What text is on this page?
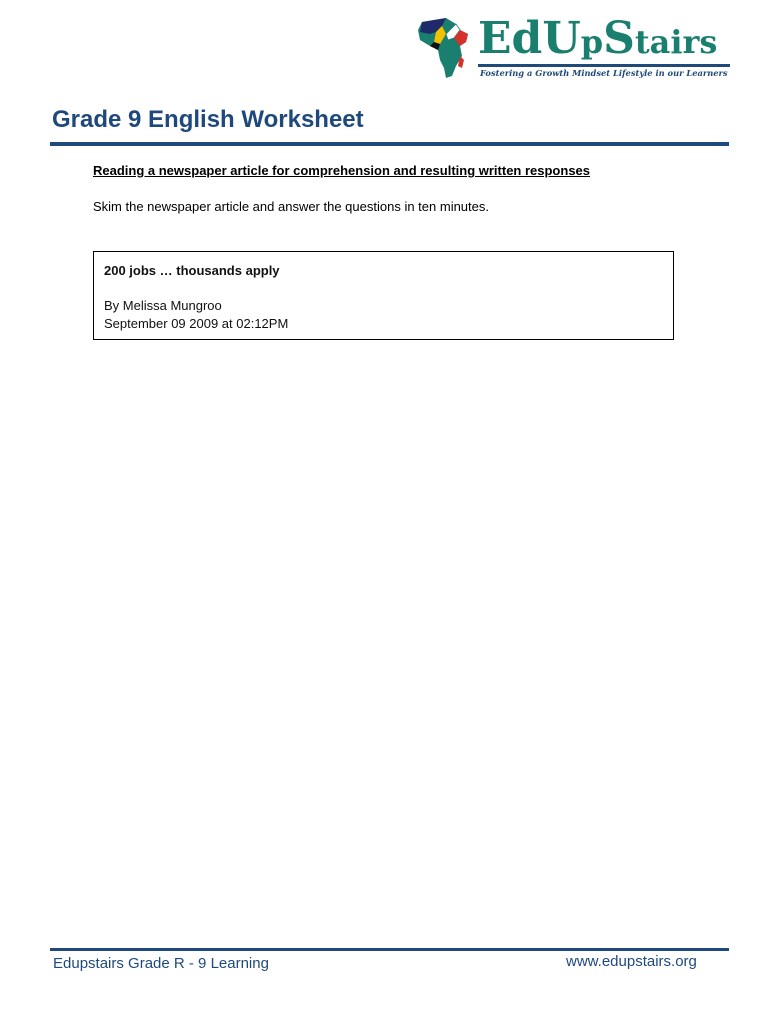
EdUpStairs
Fostering a Growth Mindset Lifestyle in our Learners
Grade 9 English Worksheet
Reading a newspaper article for comprehension and resulting written responses
Skim the newspaper article and answer the questions in ten minutes.
200 jobs … thousands apply
By Melissa Mungroo
September 09 2009 at 02:12PM
Edupstairs Grade R - 9 Learning	www.edupstairs.org
